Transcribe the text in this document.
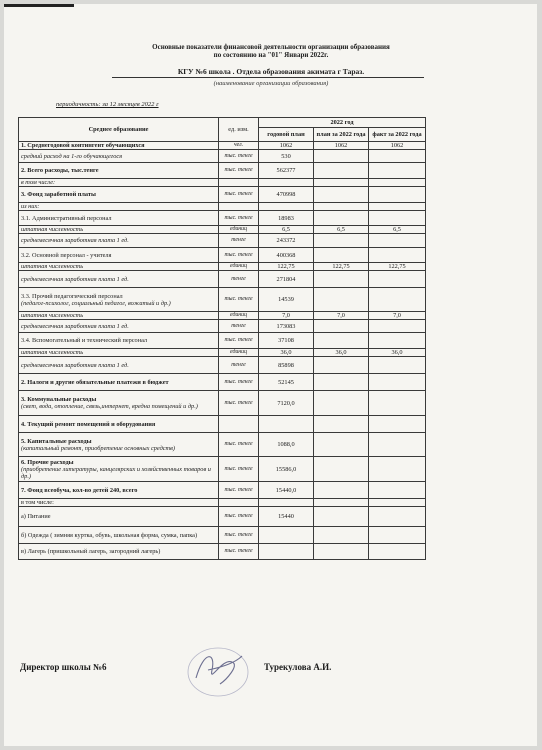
Основные показатели финансовой деятельности организации образования
по состоянию на "01" Январи 2022г.
КГУ №6 школа . Отдела образования акимата г Тараз.
(наименование организации образования)
периодичность: за 12 месяцев 2022 г
Среднее образование	ед. изм.	2022 год		
		годовой план	план за 2022 года	факт за 2022 года
1. Среднегодовой контингент обучающихся	чел.	1062	1062	1062
средний расход на 1-го обучающегося	тыс. тенге	530		
2. Всего расходы, тыс.тенге	тыс. тенге	562377		
в том числе:				
3. Фонд заработной платы	тыс. тенге	470998		
из них:				
3.1. Административный персонал	тыс. тенге	18983		
штатная численность	единиц	6,5	6,5	6,5
среднемесячная заработная плата 1 ед.	тенге	243372		
3.2. Основной персонал - учителя	тыс. тенге	400368		
штатная численность	единиц	122,75	122,75	122,75
среднемесячная заработная плата 1 ед.	тенге	271804		
3.3. Прочий педагогический персонал
(педагог-психолог, социальный педагог, вожатый и др.)	тыс. тенге	14539		
штатная численность	единиц	7,0	7,0	7,0
среднемесячная заработная плата 1 ед.	тенге	173083		
3.4. Вспомогательный и технический персонал	тыс. тенге	37108		
штатная численность	единиц	36,0	36,0	36,0
среднемесячная заработная плата 1 ед.	тенге	85898		
2. Налоги и другие обязательные платежи в бюджет	тыс. тенге	52145		
3. Коммунальные расходы
(свет, вода, отопление, связь,интернет, вредна помещений и др.)	тыс. тенге	7120,0		
4. Текущий ремонт помещений и оборудования				
5. Капитальные расходы
(капитальный ремонт, приобретение основных средств)	тыс. тенге	1088,0		
6. Прочие расходы
(приобретение литературы, канцелярских и хозяйственных товаров и др.)	тыс. тенге	15586,0		
7. Фонд всеобуча, кол-во детей 240, всего	тыс. тенге	15440,0		
в том числе:				
а) Питание	тыс. тенге	15440		
б) Одежда ( зимняя куртка, обувь, школьная форма, сумка, папка)	тыс. тенге			
в) Лагерь (пришкольный лагерь, загородний лагерь)	тыс. тенге			
Директор школы №6	Турекулова А.И.
